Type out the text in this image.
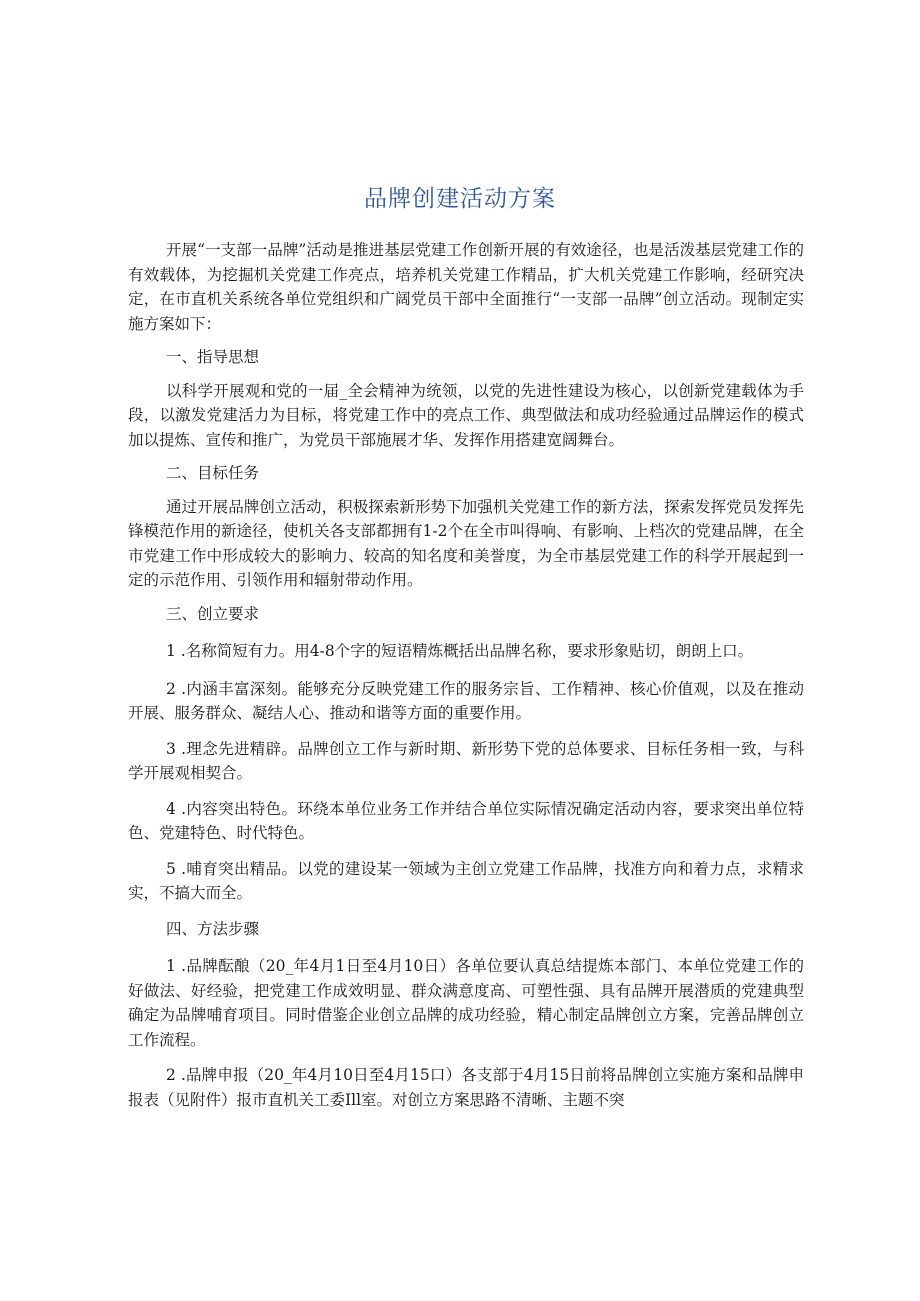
品牌创建活动方案

开展“一支部一品牌”活动是推进基层党建工作创新开展的有效途径，也是活泼基层党建工作的有效载体，为挖掘机关党建工作亮点，培养机关党建工作精品，扩大机关党建工作影响，经研究决定，在市直机关系统各单位党组织和广阔党员干部中全面推行“一支部一品牌”创立活动。现制定实施方案如下：

一、指导思想

以科学开展观和党的一届_全会精神为统领，以党的先进性建设为核心，以创新党建载体为手段，以激发党建活力为目标，将党建工作中的亮点工作、典型做法和成功经验通过品牌运作的模式加以提炼、宣传和推广，为党员干部施展才华、发挥作用搭建宽阔舞台。

二、目标任务

通过开展品牌创立活动，积极探索新形势下加强机关党建工作的新方法，探索发挥党员发挥先锋模范作用的新途径，使机关各支部都拥有1-2个在全市叫得响、有影响、上档次的党建品牌，在全市党建工作中形成较大的影响力、较高的知名度和美誉度，为全市基层党建工作的科学开展起到一定的示范作用、引领作用和辐射带动作用。

三、创立要求

1 .名称简短有力。用4-8个字的短语精炼概括出品牌名称，要求形象贴切，朗朗上口。

2 .内涵丰富深刻。能够充分反映党建工作的服务宗旨、工作精神、核心价值观，以及在推动开展、服务群众、凝结人心、推动和谐等方面的重要作用。

3 .理念先进精辟。品牌创立工作与新时期、新形势下党的总体要求、目标任务相一致，与科学开展观相契合。

4 .内容突出特色。环绕本单位业务工作并结合单位实际情况确定活动内容，要求突出单位特色、党建特色、时代特色。

5 .哺育突出精品。以党的建设某一领域为主创立党建工作品牌，找准方向和着力点，求精求实，不搞大而全。

四、方法步骤

1 .品牌酝酿（20_年4月1日至4月10日）各单位要认真总结提炼本部门、本单位党建工作的好做法、好经验，把党建工作成效明显、群众满意度高、可塑性强、具有品牌开展潜质的党建典型确定为品牌哺育项目。同时借鉴企业创立品牌的成功经验，精心制定品牌创立方案，完善品牌创立工作流程。

2 .品牌申报（20_年4月10日至4月15口）各支部于4月15日前将品牌创立实施方案和品牌申报表（见附件）报市直机关工委Ill室。对创立方案思路不清晰、主题不突
